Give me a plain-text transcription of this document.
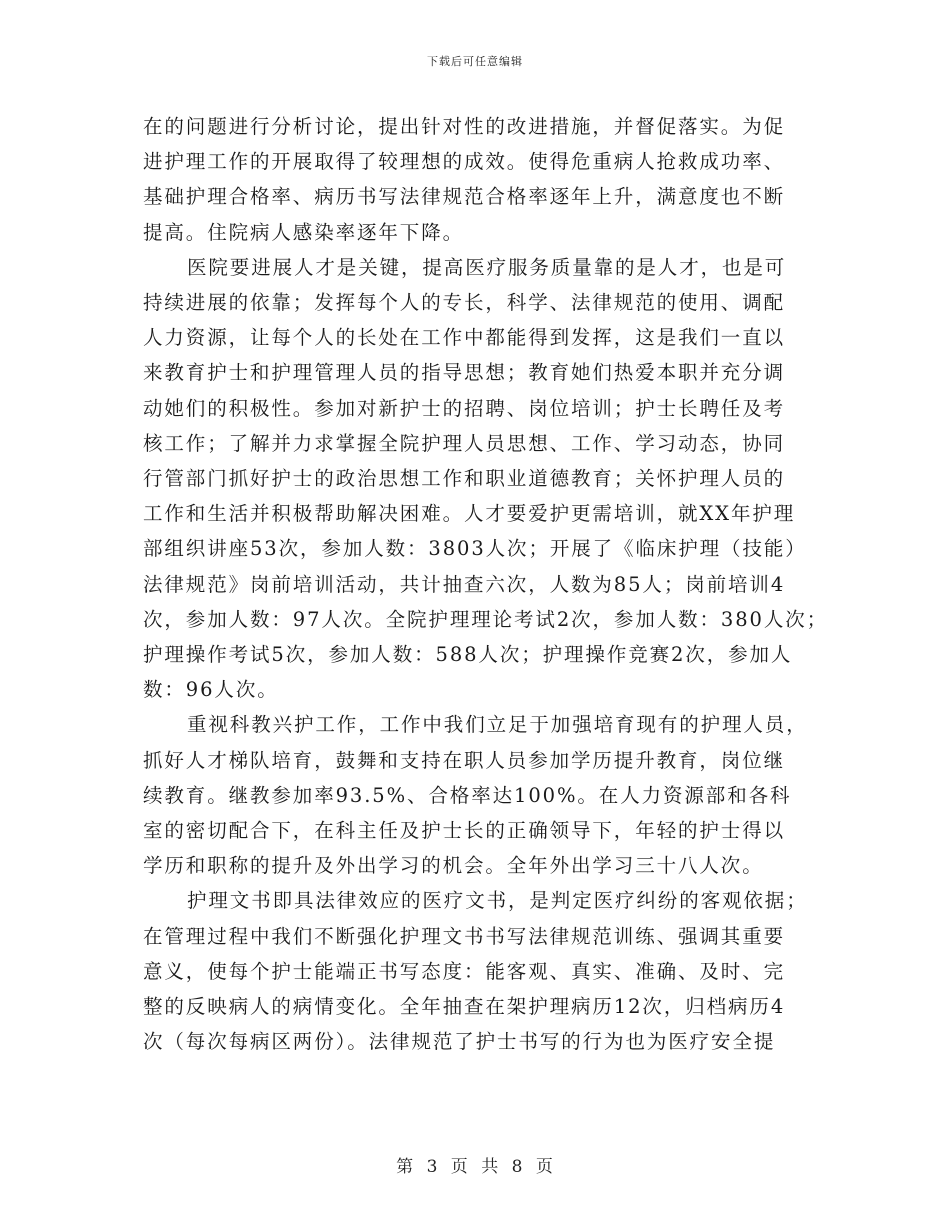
下载后可任意编辑

在的问题进行分析讨论，提出针对性的改进措施，并督促落实。为促
进护理工作的开展取得了较理想的成效。使得危重病人抢救成功率、
基础护理合格率、病历书写法律规范合格率逐年上升，满意度也不断
提高。住院病人感染率逐年下降。

医院要进展人才是关键，提高医疗服务质量靠的是人才，也是可
持续进展的依靠；发挥每个人的专长，科学、法律规范的使用、调配
人力资源，让每个人的长处在工作中都能得到发挥，这是我们一直以
来教育护士和护理管理人员的指导思想；教育她们热爱本职并充分调
动她们的积极性。参加对新护士的招聘、岗位培训；护士长聘任及考
核工作；了解并力求掌握全院护理人员思想、工作、学习动态，协同
行管部门抓好护士的政治思想工作和职业道德教育；关怀护理人员的
工作和生活并积极帮助解决困难。人才要爱护更需培训，就XX年护理
部组织讲座53次，参加人数：3803人次；开展了《临床护理（技能）
法律规范》岗前培训活动，共计抽查六次，人数为85人；岗前培训4
次，参加人数：97人次。全院护理理论考试2次，参加人数：380人次；
护理操作考试5次，参加人数：588人次；护理操作竞赛2次，参加人
数：96人次。

重视科教兴护工作，工作中我们立足于加强培育现有的护理人员，
抓好人才梯队培育，鼓舞和支持在职人员参加学历提升教育，岗位继
续教育。继教参加率93.5%、合格率达100%。在人力资源部和各科
室的密切配合下，在科主任及护士长的正确领导下，年轻的护士得以
学历和职称的提升及外出学习的机会。全年外出学习三十八人次。

护理文书即具法律效应的医疗文书，是判定医疗纠纷的客观依据；
在管理过程中我们不断强化护理文书书写法律规范训练、强调其重要
意义，使每个护士能端正书写态度：能客观、真实、准确、及时、完
整的反映病人的病情变化。全年抽查在架护理病历12次，归档病历4
次（每次每病区两份）。法律规范了护士书写的行为也为医疗安全提

第 3 页 共 8 页
